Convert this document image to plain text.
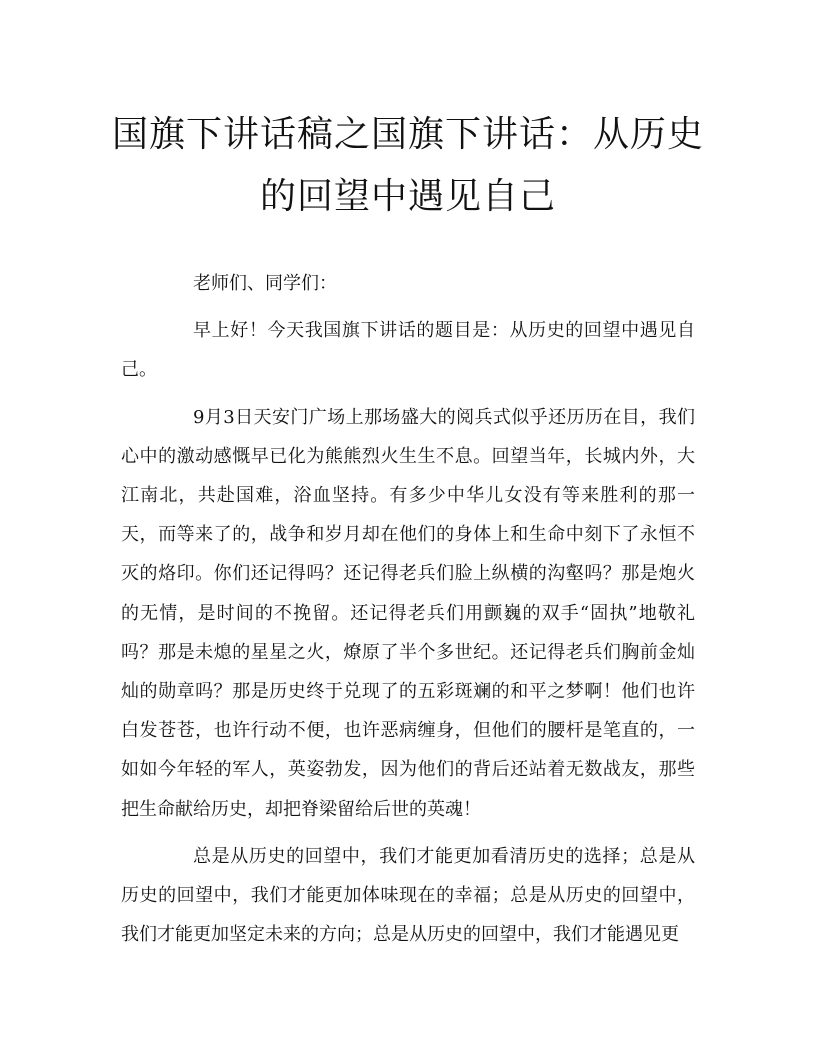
国旗下讲话稿之国旗下讲话：从历史的回望中遇见自己

老师们、同学们：

早上好！今天我国旗下讲话的题目是：从历史的回望中遇见自己。

9月3日天安门广场上那场盛大的阅兵式似乎还历历在目，我们心中的激动感慨早已化为熊熊烈火生生不息。回望当年，长城内外，大江南北，共赴国难，浴血坚持。有多少中华儿女没有等来胜利的那一天，而等来了的，战争和岁月却在他们的身体上和生命中刻下了永恒不灭的烙印。你们还记得吗？还记得老兵们脸上纵横的沟壑吗？那是炮火的无情，是时间的不挽留。还记得老兵们用颤巍的双手“固执”地敬礼吗？那是未熄的星星之火，燎原了半个多世纪。还记得老兵们胸前金灿灿的勋章吗？那是历史终于兑现了的五彩斑斓的和平之梦啊！他们也许白发苍苍，也许行动不便，也许恶病缠身，但他们的腰杆是笔直的，一如如今年轻的军人，英姿勃发，因为他们的背后还站着无数战友，那些把生命献给历史，却把脊梁留给后世的英魂！

总是从历史的回望中，我们才能更加看清历史的选择；总是从历史的回望中，我们才能更加体味现在的幸福；总是从历史的回望中，我们才能更加坚定未来的方向；总是从历史的回望中，我们才能遇见更
